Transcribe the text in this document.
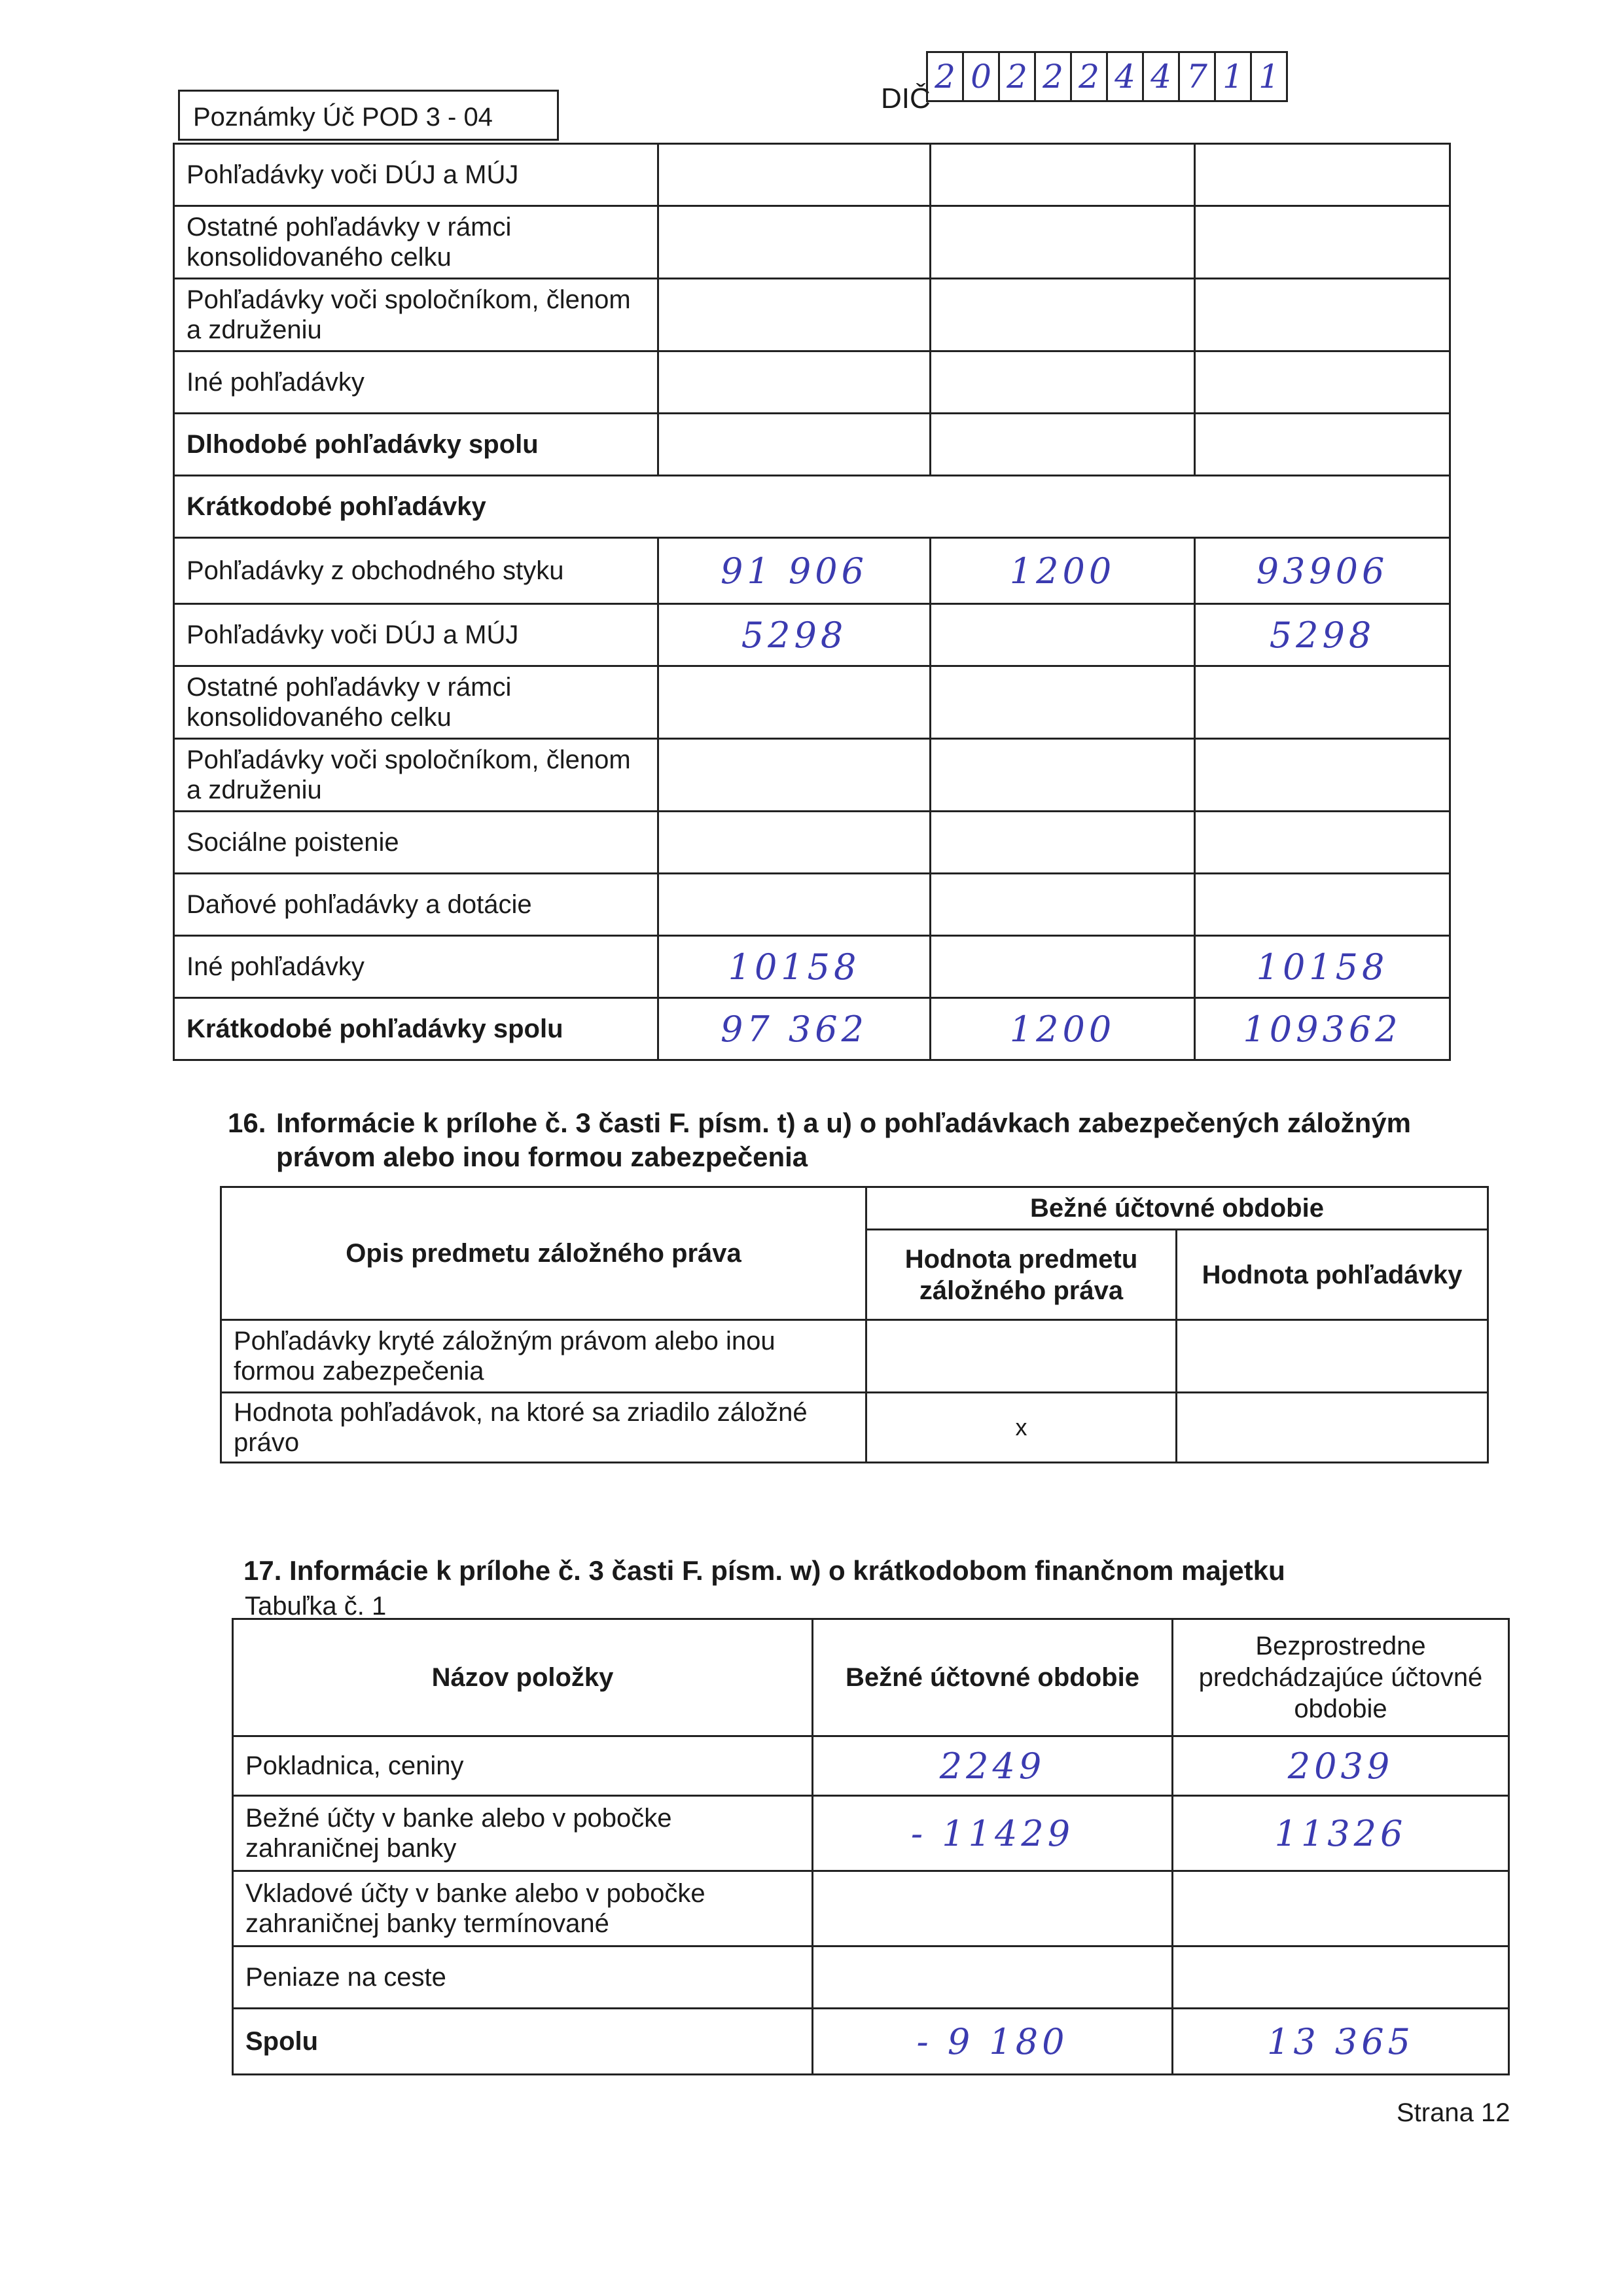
Poznámky Úč POD 3 - 04
DIČ
2 0 2 2 2 4 4 7 1 1
Pohľadávky voči DÚJ a MÚJ			
Ostatné pohľadávky v rámci konsolidovaného celku			
Pohľadávky voči spoločníkom, členom a združeniu			
Iné pohľadávky			
Dlhodobé pohľadávky spolu			
Krátkodobé pohľadávky			
Pohľadávky z obchodného styku	91 906	1200	93906
Pohľadávky voči DÚJ a MÚJ	5298		5298
Ostatné pohľadávky v rámci konsolidovaného celku			
Pohľadávky voči spoločníkom, členom a združeniu			
Sociálne poistenie			
Daňové pohľadávky a dotácie			
Iné pohľadávky	10158		10158
Krátkodobé pohľadávky spolu	97 362	1200	109362
16. Informácie k prílohe č. 3 časti F. písm. t) a u) o pohľadávkach zabezpečených záložným právom alebo inou formou zabezpečenia
Opis predmetu záložného práva	Bežné účtovné obdobie	
	Hodnota predmetu záložného práva	Hodnota pohľadávky
Pohľadávky kryté záložným právom alebo inou formou zabezpečenia		
Hodnota pohľadávok, na ktoré sa zriadilo záložné právo	x	
17. Informácie k prílohe č. 3 časti F. písm. w) o krátkodobom finančnom majetku
Tabuľka č. 1
Názov položky	Bežné účtovné obdobie	Bezprostredne predchádzajúce účtovné obdobie
Pokladnica, ceniny	2249	2039
Bežné účty v banke alebo v pobočke zahraničnej banky	- 11429	11326
Vkladové účty v banke alebo v pobočke zahraničnej banky termínované		
Peniaze na ceste		
Spolu	- 9 180	13 365
Strana 12
